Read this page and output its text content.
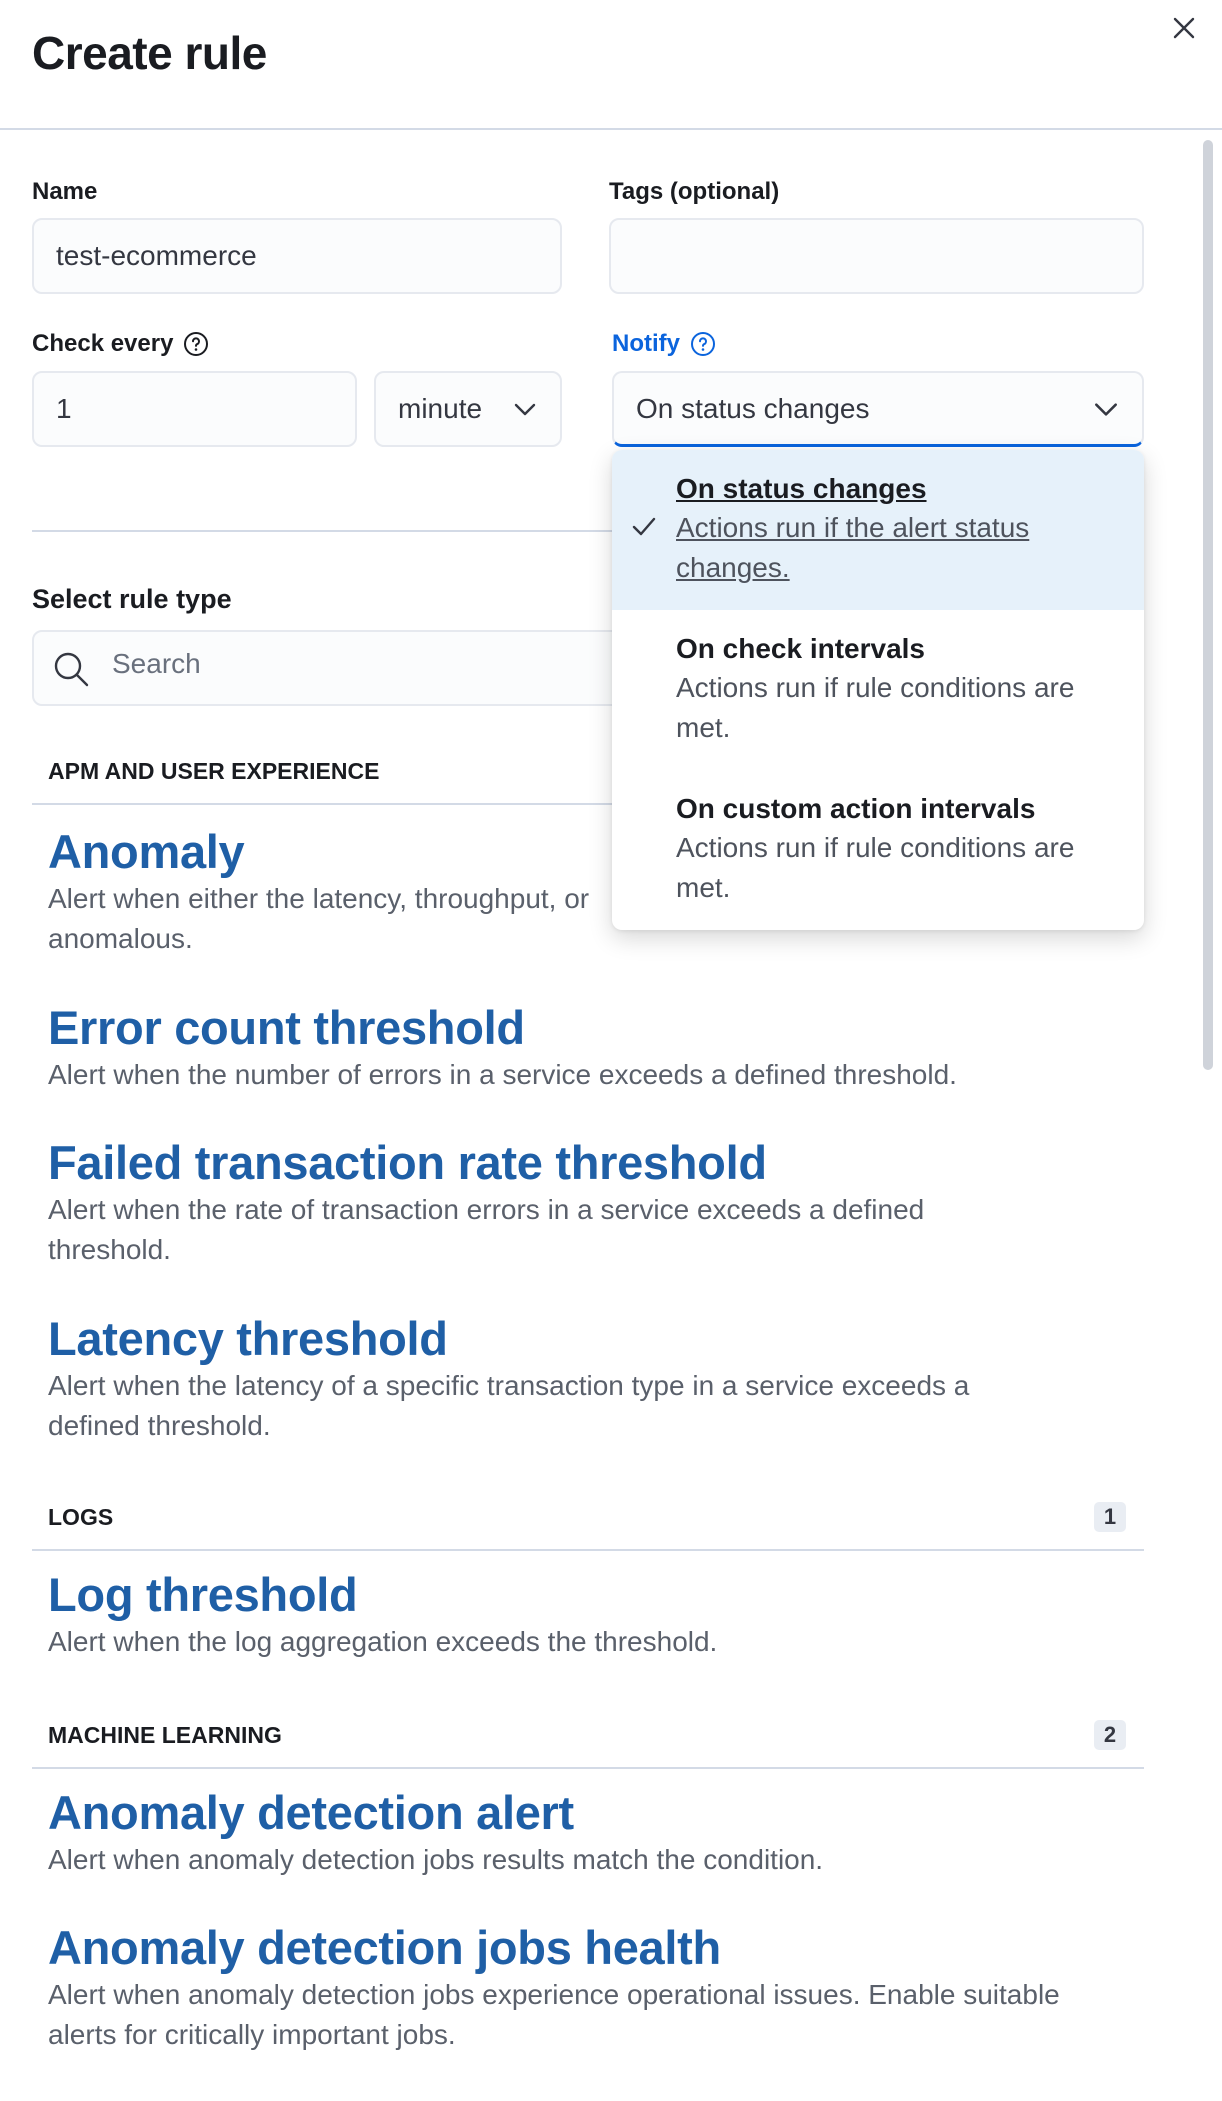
Create rule
Name
test-ecommerce
Tags (optional)
Check every
1	minute
Notify
On status changes
Select rule type
Search
APM AND USER EXPERIENCE
Anomaly
Alert when either the latency, throughput, or
anomalous.
Error count threshold
Alert when the number of errors in a service exceeds a defined threshold.
Failed transaction rate threshold
Alert when the rate of transaction errors in a service exceeds a defined
threshold.
Latency threshold
Alert when the latency of a specific transaction type in a service exceeds a
defined threshold.
LOGS	1
Log threshold
Alert when the log aggregation exceeds the threshold.
MACHINE LEARNING	2
Anomaly detection alert
Alert when anomaly detection jobs results match the condition.
Anomaly detection jobs health
Alert when anomaly detection jobs experience operational issues. Enable suitable
alerts for critically important jobs.
On status changes
Actions run if the alert status changes.
On check intervals
Actions run if rule conditions are met.
On custom action intervals
Actions run if rule conditions are met.
